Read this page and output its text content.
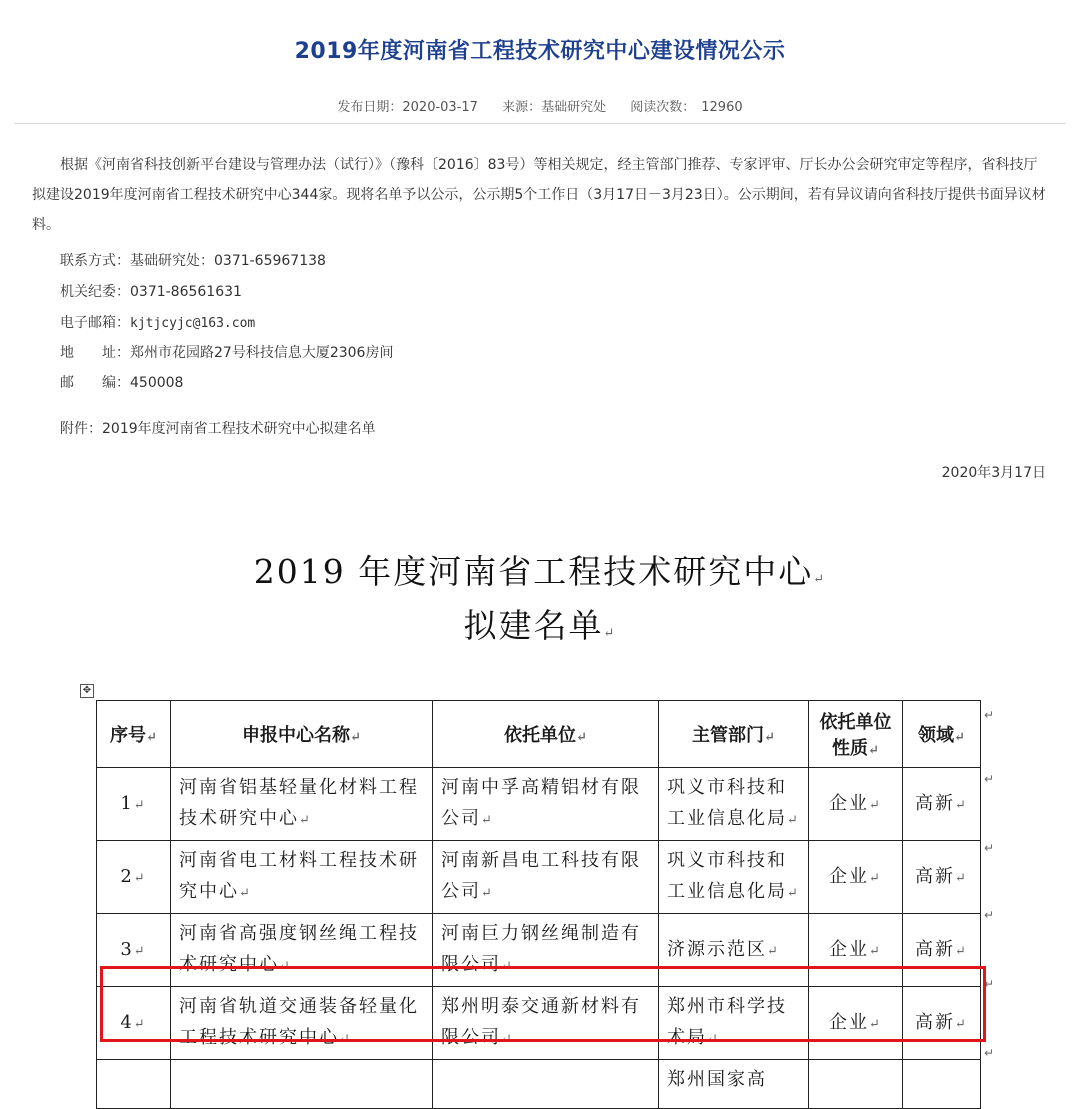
2019年度河南省工程技术研究中心建设情况公示
发布日期：2020-03-17 来源：基础研究处 阅读次数： 12960

根据《河南省科技创新平台建设与管理办法（试行）》（豫科〔2016〕83号）等相关规定，经主管部门推荐、专家评审、厅长办公会研究审定等程序，省科技厅拟建设2019年度河南省工程技术研究中心344家。现将名单予以公示，公示期5个工作日（3月17日－3月23日）。公示期间，若有异议请向省科技厅提供书面异议材料。

联系方式：基础研究处：0371-65967138
机关纪委：0371-86561631
电子邮箱：kjtjcyjc@163.com
地　　址：郑州市花园路27号科技信息大厦2306房间
邮　　编：450008
附件：2019年度河南省工程技术研究中心拟建名单
2020年3月17日
2019 年度河南省工程技术研究中心↵
拟建名单↵
✥
序号↵	申报中心名称↵	依托单位↵	主管部门↵	依托单位性质↵	领域↵
1↵	河南省铝基轻量化材料工程技术研究中心↵	河南中孚高精铝材有限公司↵	巩义市科技和工业信息化局↵	企业↵	高新↵
2↵	河南省电工材料工程技术研究中心↵	河南新昌电工科技有限公司↵	巩义市科技和工业信息化局↵	企业↵	高新↵
3↵	河南省高强度钢丝绳工程技术研究中心↵	河南巨力钢丝绳制造有限公司↵	济源示范区↵	企业↵	高新↵
4↵	河南省轨道交通装备轻量化工程技术研究中心↵	郑州明泰交通新材料有限公司↵	郑州市科学技术局↵	企业↵	高新↵
			郑州国家高		
↵
↵
↵
↵
↵
↵
